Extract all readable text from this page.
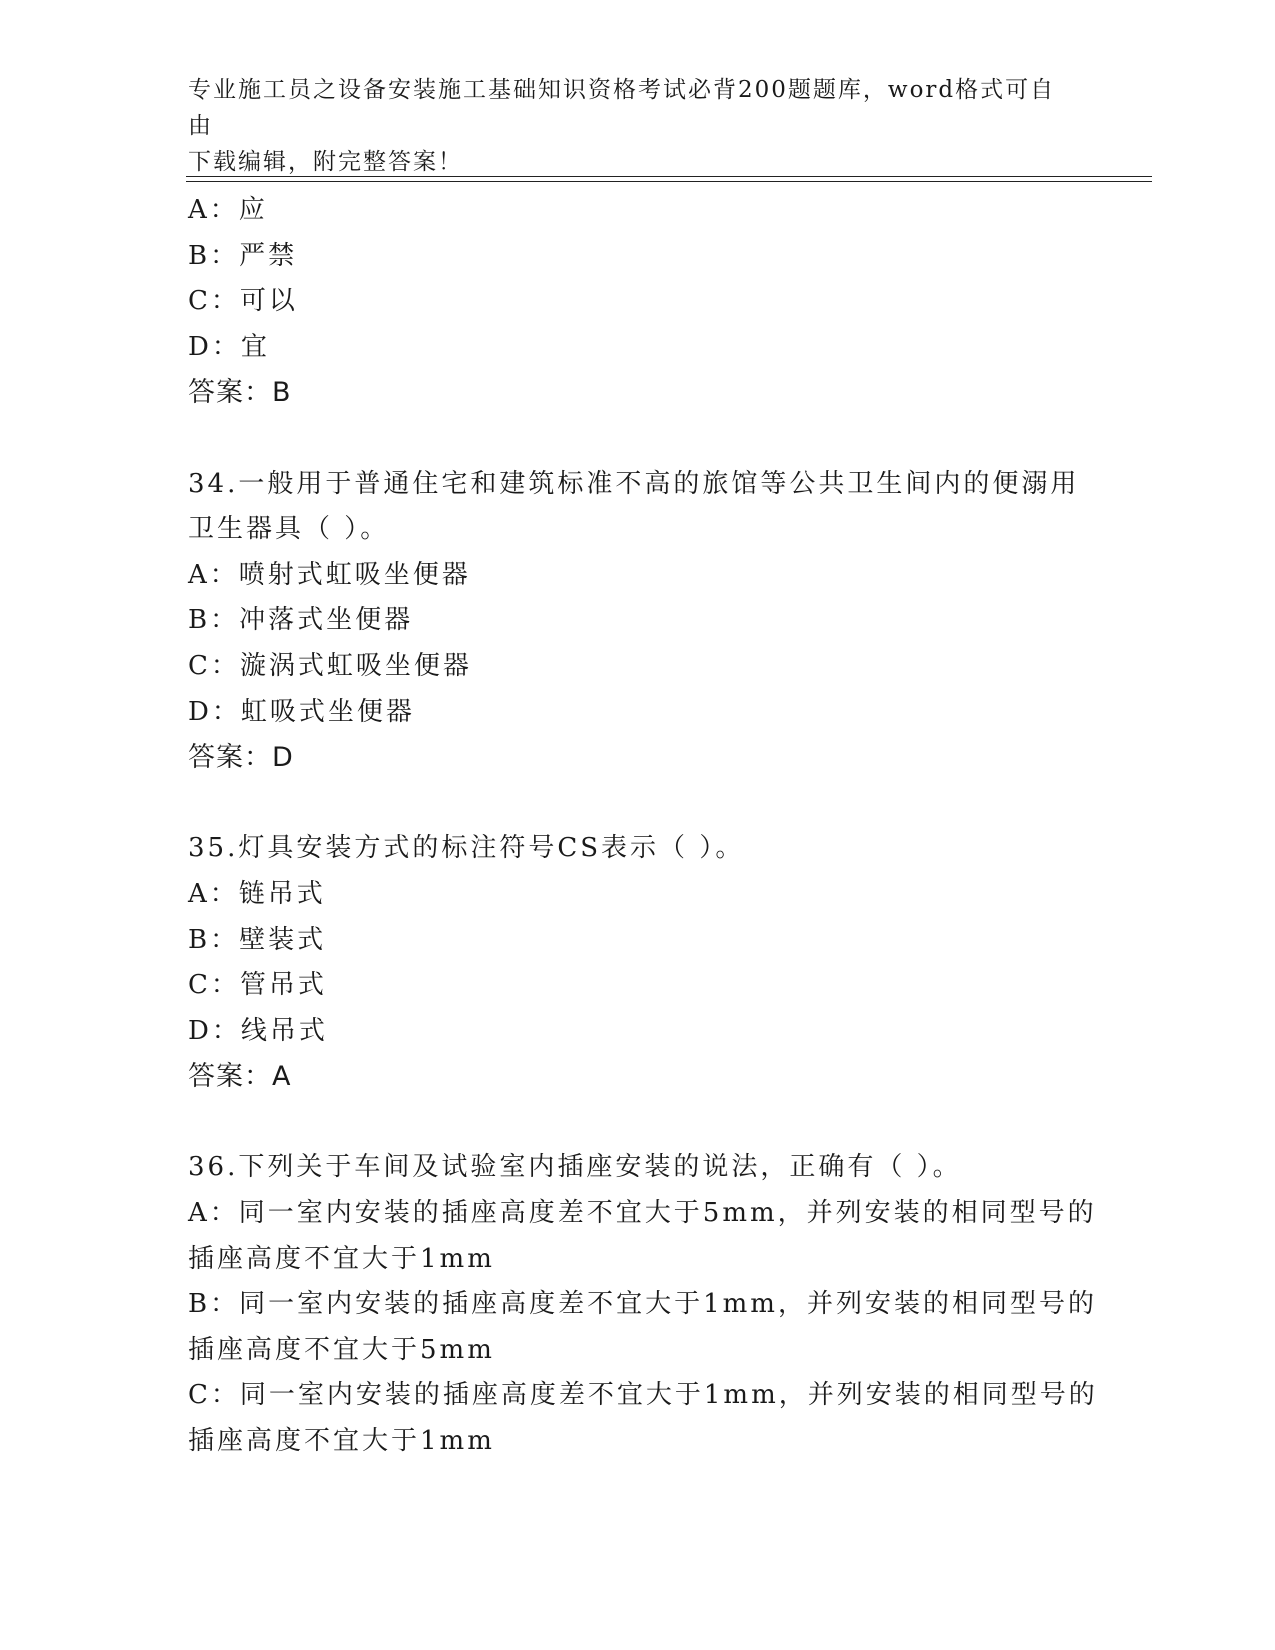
专业施工员之设备安装施工基础知识资格考试必背200题题库，word格式可自由
下载编辑，附完整答案！
A：应
B：严禁
C：可以
D：宜
答案：B
34.一般用于普通住宅和建筑标准不高的旅馆等公共卫生间内的便溺用
卫生器具（ ）。
A：喷射式虹吸坐便器
B：冲落式坐便器
C：漩涡式虹吸坐便器
D：虹吸式坐便器
答案：D
35.灯具安装方式的标注符号CS表示（ ）。
A：链吊式
B：壁装式
C：管吊式
D：线吊式
答案：A
36.下列关于车间及试验室内插座安装的说法，正确有（ ）。
A：同一室内安装的插座高度差不宜大于5mm，并列安装的相同型号的
插座高度不宜大于1mm
B：同一室内安装的插座高度差不宜大于1mm，并列安装的相同型号的
插座高度不宜大于5mm
C：同一室内安装的插座高度差不宜大于1mm，并列安装的相同型号的
插座高度不宜大于1mm
